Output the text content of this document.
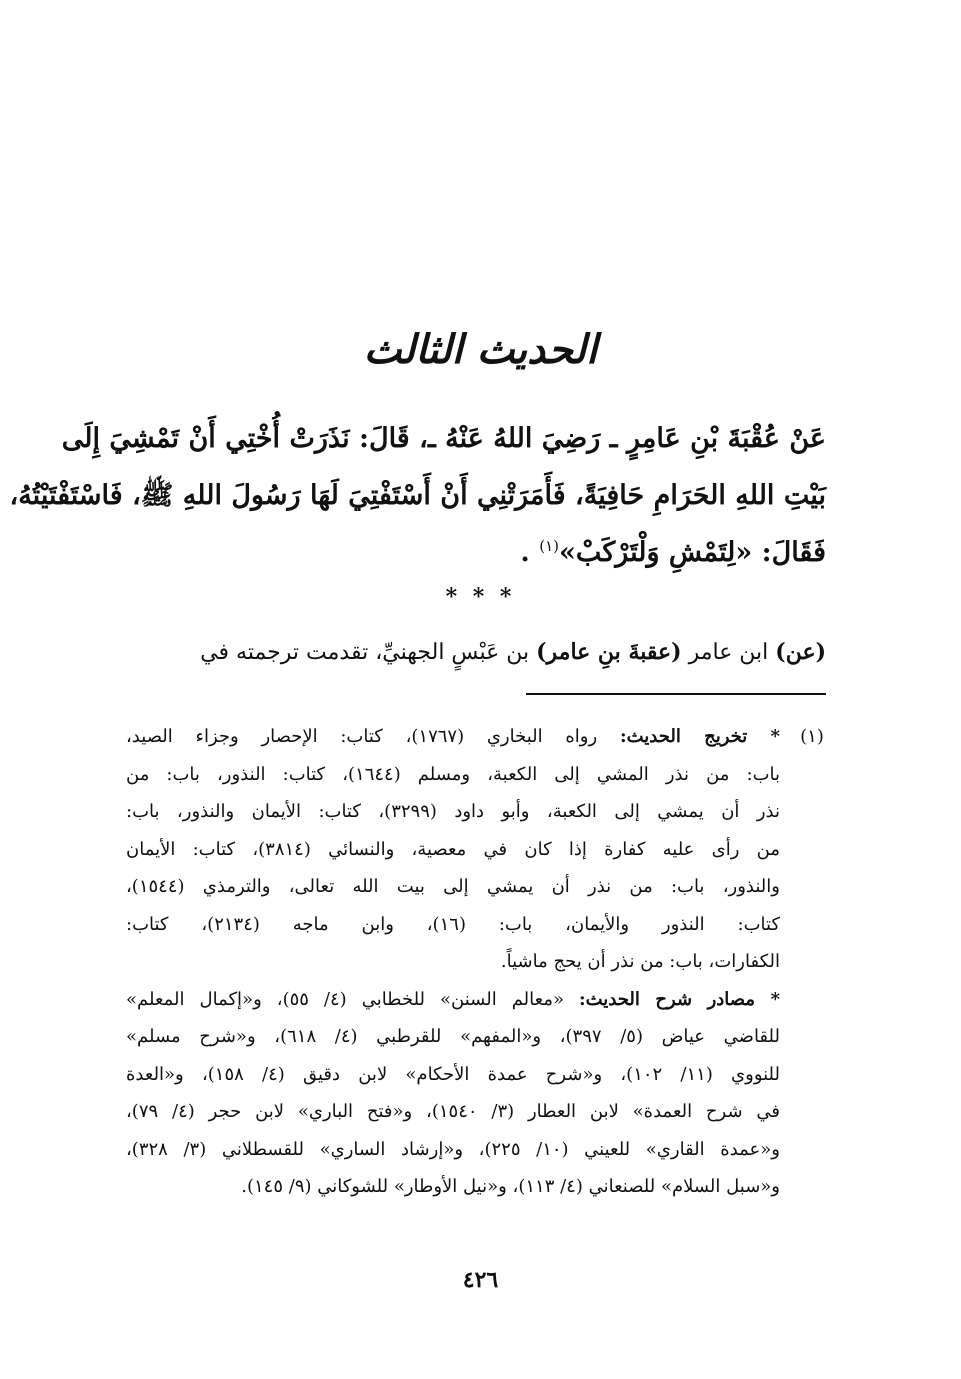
الحديث الثالث
عَنْ عُقْبَةَ بْنِ عَامِرٍ ـ رَضِيَ اللهُ عَنْهُ ـ، قَالَ: نَذَرَتْ أُخْتِي أَنْ تَمْشِيَ إِلَى
بَيْتِ اللهِ الحَرَامِ حَافِيَةً، فَأَمَرَتْنِي أَنْ أَسْتَفْتِيَ لَهَا رَسُولَ اللهِ ﷺ، فَاسْتَفْتَيْتُهُ،
فَقَالَ: «لِتَمْشِ وَلْتَرْكَبْ»$^{(١)}$ .
* * *
(عن) ابن عامر (عقبةَ بنِ عامر) بن عَبْسٍ الجهنيِّ، تقدمت ترجمته في
(١)
* تخريج الحديث: رواه البخاري (١٧٦٧)، كتاب: الإحصار وجزاء الصيد،
باب: من نذر المشي إلى الكعبة، ومسلم (١٦٤٤)، كتاب: النذور، باب: من
نذر أن يمشي إلى الكعبة، وأبو داود (٣٢٩٩)، كتاب: الأيمان والنذور، باب:
من رأى عليه كفارة إذا كان في معصية، والنسائي (٣٨١٤)، كتاب: الأيمان
والنذور، باب: من نذر أن يمشي إلى بيت الله تعالى، والترمذي (١٥٤٤)،
كتاب: النذور والأيمان، باب: (١٦)، وابن ماجه (٢١٣٤)، كتاب:
الكفارات، باب: من نذر أن يحج ماشياً.
* مصادر شرح الحديث: «معالم السنن» للخطابي (٤/ ٥٥)، و«إكمال المعلم»
للقاضي عياض (٥/ ٣٩٧)، و«المفهم» للقرطبي (٤/ ٦١٨)، و«شرح مسلم»
للنووي (١١/ ١٠٢)، و«شرح عمدة الأحكام» لابن دقيق (٤/ ١٥٨)، و«العدة
في شرح العمدة» لابن العطار (٣/ ١٥٤٠)، و«فتح الباري» لابن حجر (٤/ ٧٩)،
و«عمدة القاري» للعيني (١٠/ ٢٢٥)، و«إرشاد الساري» للقسطلاني (٣/ ٣٢٨)،
و«سبل السلام» للصنعاني (٤/ ١١٣)، و«نيل الأوطار» للشوكاني (٩/ ١٤٥).
٤٢٦
